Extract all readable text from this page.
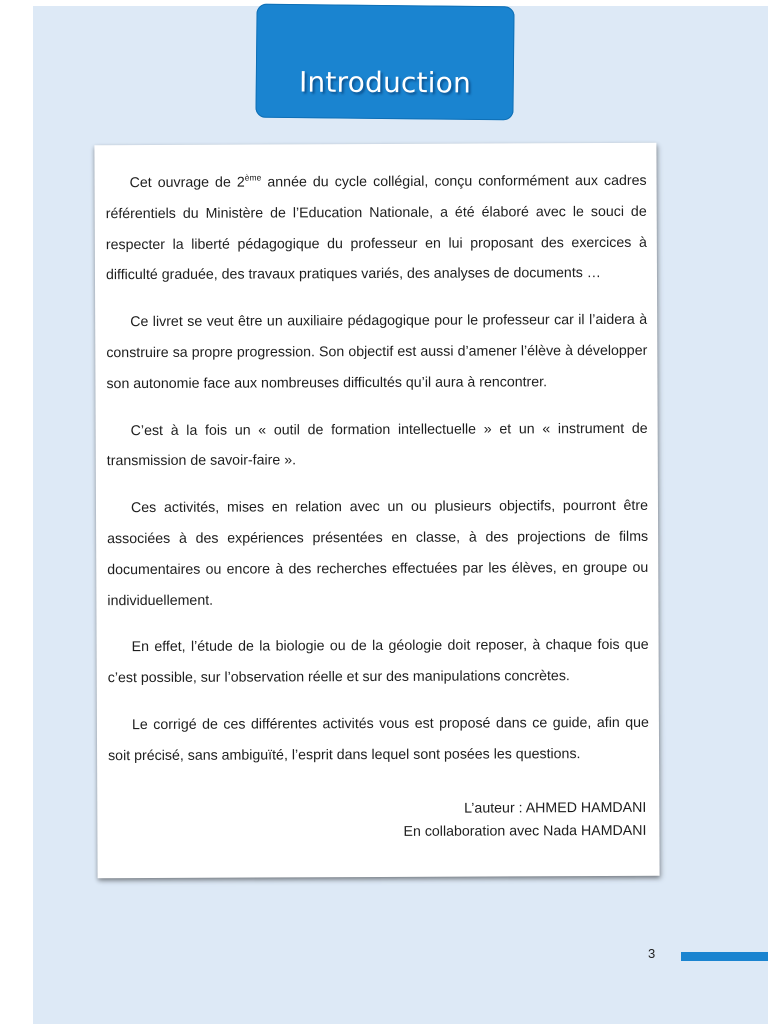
Introduction

Cet ouvrage de 2ème année du cycle collégial, conçu conformément aux cadres référentiels du Ministère de l’Education Nationale, a été élaboré avec le souci de respecter la liberté pédagogique du professeur en lui proposant des exercices à difficulté graduée, des travaux pratiques variés, des analyses de documents …

Ce livret se veut être un auxiliaire pédagogique pour le professeur car il l’aidera à construire sa propre progression. Son objectif est aussi d’amener l’élève à développer son autonomie face aux nombreuses difficultés qu’il aura à rencontrer.

C’est à la fois un « outil de formation intellectuelle » et un « instrument de transmission de savoir-faire ».

Ces activités, mises en relation avec un ou plusieurs objectifs, pourront être associées à des expériences présentées en classe, à des projections de films documentaires ou encore à des recherches effectuées par les élèves, en groupe ou individuellement.

En effet, l’étude de la biologie ou de la géologie doit reposer, à chaque fois que c’est possible, sur l’observation réelle et sur des manipulations concrètes.

Le corrigé de ces différentes activités vous est proposé dans ce guide, afin que soit précisé, sans ambiguïté, l’esprit dans lequel sont posées les questions.

L’auteur : AHMED HAMDANI
En collaboration avec Nada HAMDANI
3
